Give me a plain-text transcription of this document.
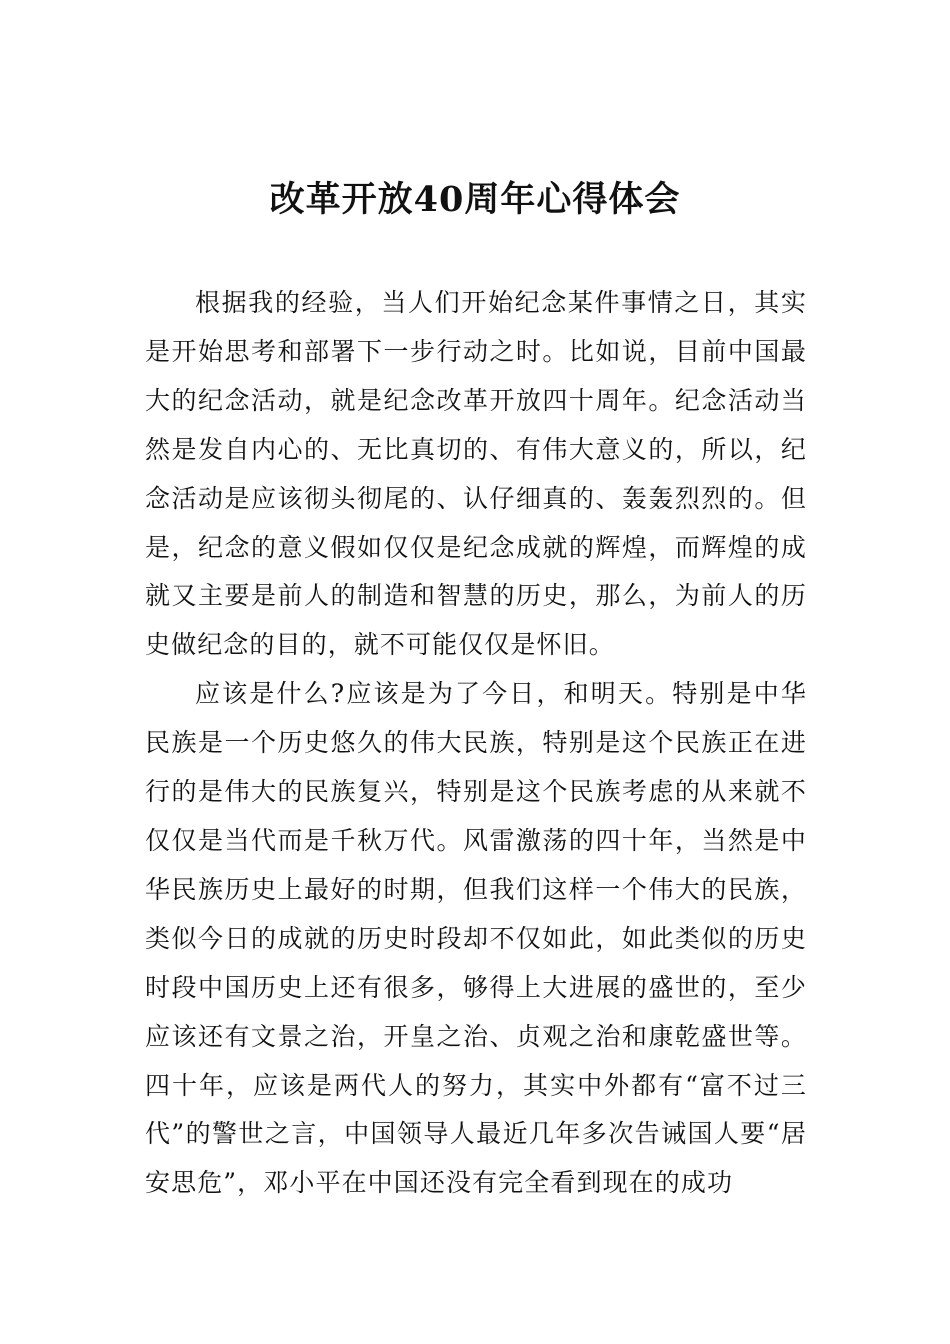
改革开放40周年心得体会

根据我的经验，当人们开始纪念某件事情之日，其实是开始思考和部署下一步行动之时。比如说，目前中国最大的纪念活动，就是纪念改革开放四十周年。纪念活动当然是发自内心的、无比真切的、有伟大意义的，所以，纪念活动是应该彻头彻尾的、认仔细真的、轰轰烈烈的。但是，纪念的意义假如仅仅是纪念成就的辉煌，而辉煌的成就又主要是前人的制造和智慧的历史，那么，为前人的历史做纪念的目的，就不可能仅仅是怀旧。

应该是什么?应该是为了今日，和明天。特别是中华民族是一个历史悠久的伟大民族，特别是这个民族正在进行的是伟大的民族复兴，特别是这个民族考虑的从来就不仅仅是当代而是千秋万代。风雷激荡的四十年，当然是中华民族历史上最好的时期，但我们这样一个伟大的民族，类似今日的成就的历史时段却不仅如此，如此类似的历史时段中国历史上还有很多，够得上大进展的盛世的，至少应该还有文景之治，开皇之治、贞观之治和康乾盛世等。四十年，应该是两代人的努力，其实中外都有“富不过三代”的警世之言，中国领导人最近几年多次告诫国人要“居安思危”，邓小平在中国还没有完全看到现在的成功
